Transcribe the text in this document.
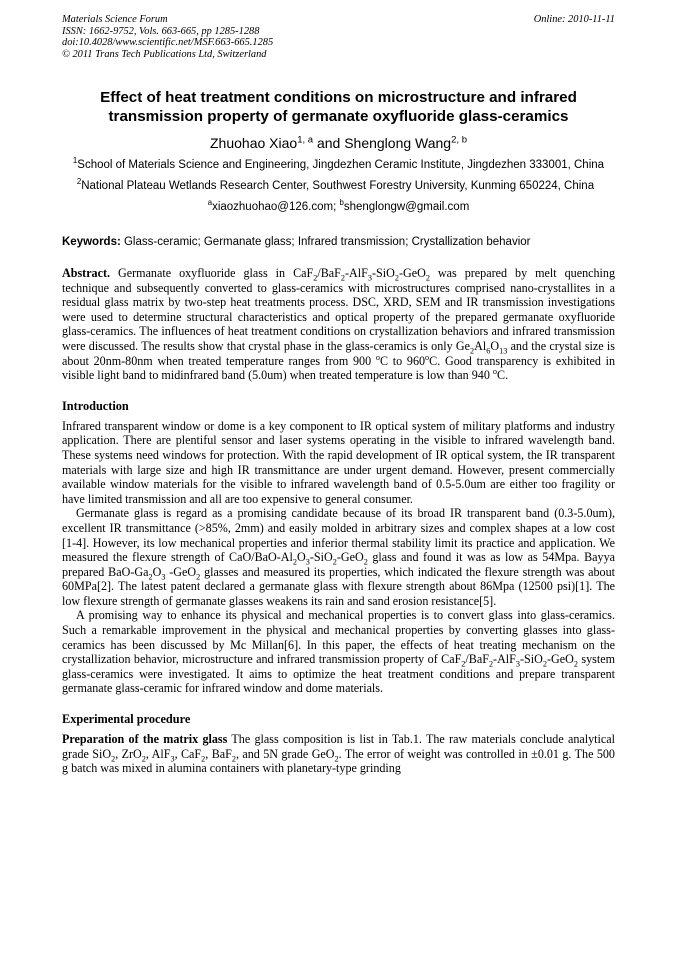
Materials Science Forum

ISSN: 1662-9752, Vols. 663-665, pp 1285-1288

doi:10.4028/www.scientific.net/MSF.663-665.1285

© 2011 Trans Tech Publications Ltd, Switzerland

Online: 2010-11-11
Effect of heat treatment conditions on microstructure and infrared transmission property of germanate oxyfluoride glass-ceramics

Zhuohao Xiao$^{1, a}$ and Shenglong Wang$^{2, b}$

$^1$School of Materials Science and Engineering, Jingdezhen Ceramic Institute, Jingdezhen 333001, China

$^2$National Plateau Wetlands Research Center, Southwest Forestry University, Kunming 650224, China

$^a$xiaozhuohao@126.com; $^b$shenglongw@gmail.com

Keywords: Glass-ceramic; Germanate glass; Infrared transmission; Crystallization behavior

Abstract. Germanate oxyfluoride glass in CaF$_2$/BaF$_2$-AlF$_3$-SiO$_2$-GeO$_2$ was prepared by melt quenching technique and subsequently converted to glass-ceramics with microstructures comprised nano-crystallites in a residual glass matrix by two-step heat treatments process. DSC, XRD, SEM and IR transmission investigations were used to determine structural characteristics and optical property of the prepared germanate oxyfluoride glass-ceramics. The influences of heat treatment conditions on crystallization behaviors and infrared transmission were discussed. The results show that crystal phase in the glass-ceramics is only $Ge_2Al_6O_{13}$ and the crystal size is about 20nm-80nm when treated temperature ranges from 900 $^o$C to 960$^o$C. Good transparency is exhibited in visible light band to midinfrared band (5.0um) when treated temperature is low than 940 $^o$C.

Introduction

Infrared transparent window or dome is a key component to IR optical system of military platforms and industry application. There are plentiful sensor and laser systems operating in the visible to infrared wavelength band. These systems need windows for protection. With the rapid development of IR optical system, the IR transparent materials with large size and high IR transmittance are under urgent demand. However, present commercially available window materials for the visible to infrared wavelength band of 0.5-5.0um are either too fragility or have limited transmission and all are too expensive to general consumer.

Germanate glass is regard as a promising candidate because of its broad IR transparent band (0.3-5.0um), excellent IR transmittance (>85%, 2mm) and easily molded in arbitrary sizes and complex shapes at a low cost [1-4]. However, its low mechanical properties and inferior thermal stability limit its practice and application. We measured the flexure strength of CaO/$BaO-Al_2O_3-SiO_2-GeO_2$ glass and found it was as low as 54Mpa. Bayya prepared BaO-$Ga_2O_3$ -GeO$_2$ glasses and measured its properties, which indicated the flexure strength was about 60MPa[2]. The latest patent declared a germanate glass with flexure strength about 86Mpa (12500 psi)[1]. The low flexure strength of germanate glasses weakens its rain and sand erosion resistance[5].

A promising way to enhance its physical and mechanical properties is to convert glass into glass-ceramics. Such a remarkable improvement in the physical and mechanical properties by converting glasses into glass-ceramics has been discussed by Mc Millan[6]. In this paper, the effects of heat treating mechanism on the crystallization behavior, microstructure and infrared transmission property of CaF$_2$/BaF$_2$-AlF$_3$-SiO$_2$-GeO$_2$ system glass-ceramics were investigated. It aims to optimize the heat treatment conditions and prepare transparent germanate glass-ceramic for infrared window and dome materials.

Experimental procedure

Preparation of the matrix glass The glass composition is list in Tab.1. The raw materials conclude analytical grade SiO$_2$, ZrO$_2$, AlF$_3$, CaF$_2$, BaF$_2$, and 5N grade GeO$_2$. The error of weight was controlled in ±0.01 g. The 500 g batch was mixed in alumina containers with planetary-type grinding
